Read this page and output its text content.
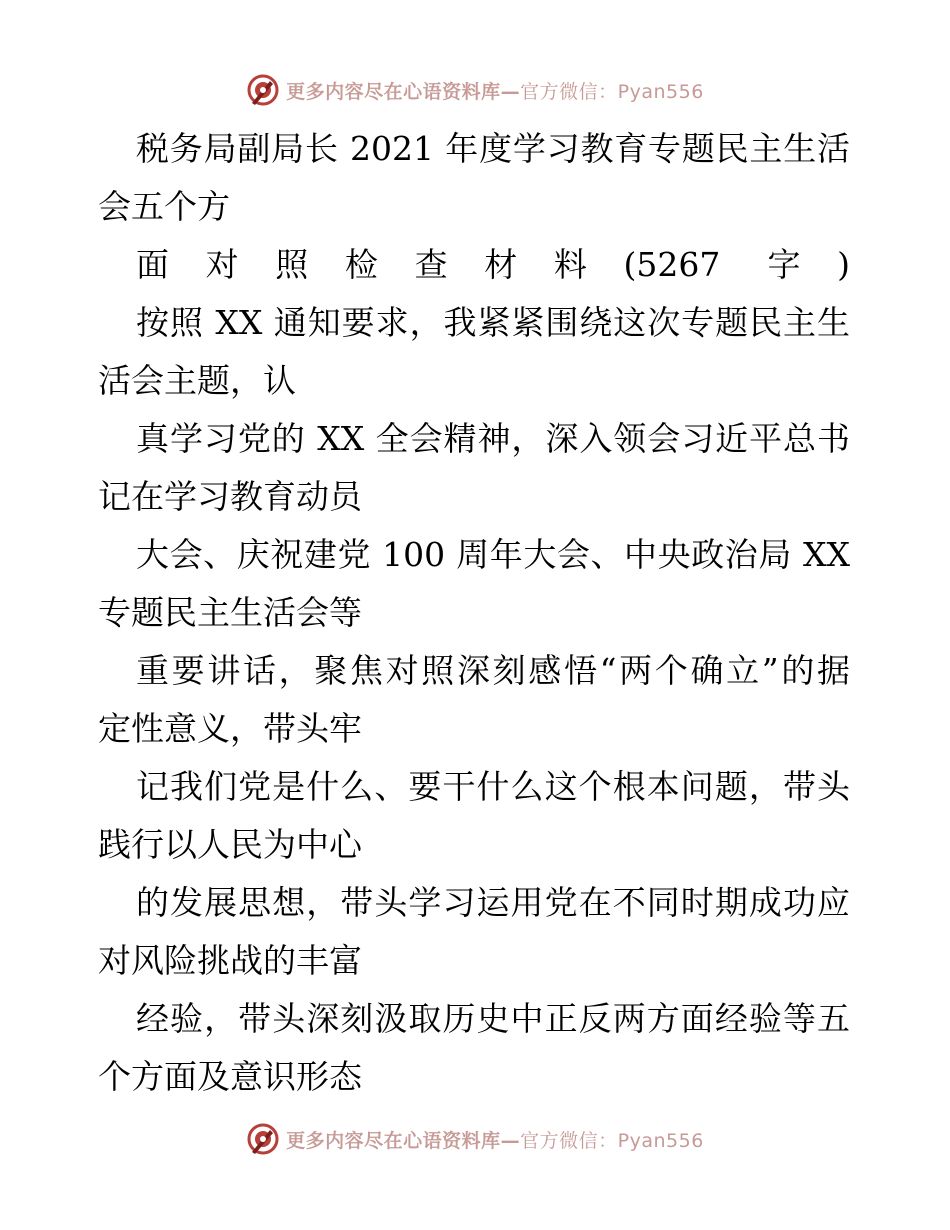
更多内容尽在心语资料库—官方微信：Pyan556
税务局副局长 2021 年度学习教育专题民主生活
会五个方
面对照检查材料(5267 字)
按照 XX 通知要求，我紧紧围绕这次专题民主生
活会主题，认
真学习党的 XX 全会精神，深入领会习近平总书
记在学习教育动员
大会、庆祝建党 100 周年大会、中央政治局 XX
专题民主生活会等
重要讲话，聚焦对照深刻感悟“两个确立”的据
定性意义，带头牢
记我们党是什么、要干什么这个根本问题，带头
践行以人民为中心
的发展思想，带头学习运用党在不同时期成功应
对风险挑战的丰富
经验，带头深刻汲取历史中正反两方面经验等五
个方面及意识形态
更多内容尽在心语资料库—官方微信：Pyan556
